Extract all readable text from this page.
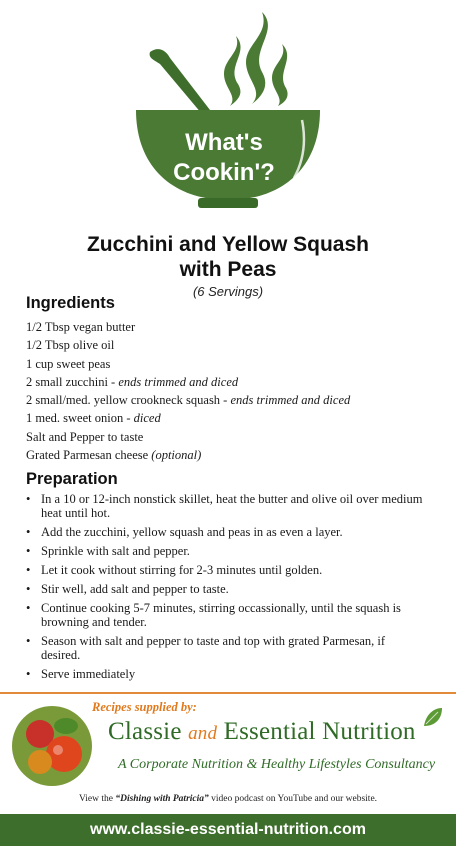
What's
Cookin'?
Zucchini and Yellow Squash
with Peas
(6 Servings)
Ingredients
1/2 Tbsp vegan butter
1/2 Tbsp olive oil
1 cup sweet peas
2 small zucchini - ends trimmed and diced
2 small/med. yellow crookneck squash - ends trimmed and diced
1 med. sweet onion - diced
Salt and Pepper to taste
Grated Parmesan cheese (optional)
Preparation
• In a 10 or 12-inch nonstick skillet, heat the butter and olive oil over medium heat until hot.
• Add the zucchini, yellow squash and peas in as even a layer.
• Sprinkle with salt and pepper.
• Let it cook without stirring for 2-3 minutes until golden.
• Stir well, add salt and pepper to taste.
• Continue cooking 5-7 minutes, stirring occassionally, until the squash is browning and tender.
• Season with salt and pepper to taste and top with grated Parmesan, if desired.
• Serve immediately
Recipes supplied by:
Classie and Essential Nutrition
A Corporate Nutrition & Healthy Lifestyles Consultancy
View the “Dishing with Patricia” video podcast on YouTube and our website.
www.classie-essential-nutrition.com
